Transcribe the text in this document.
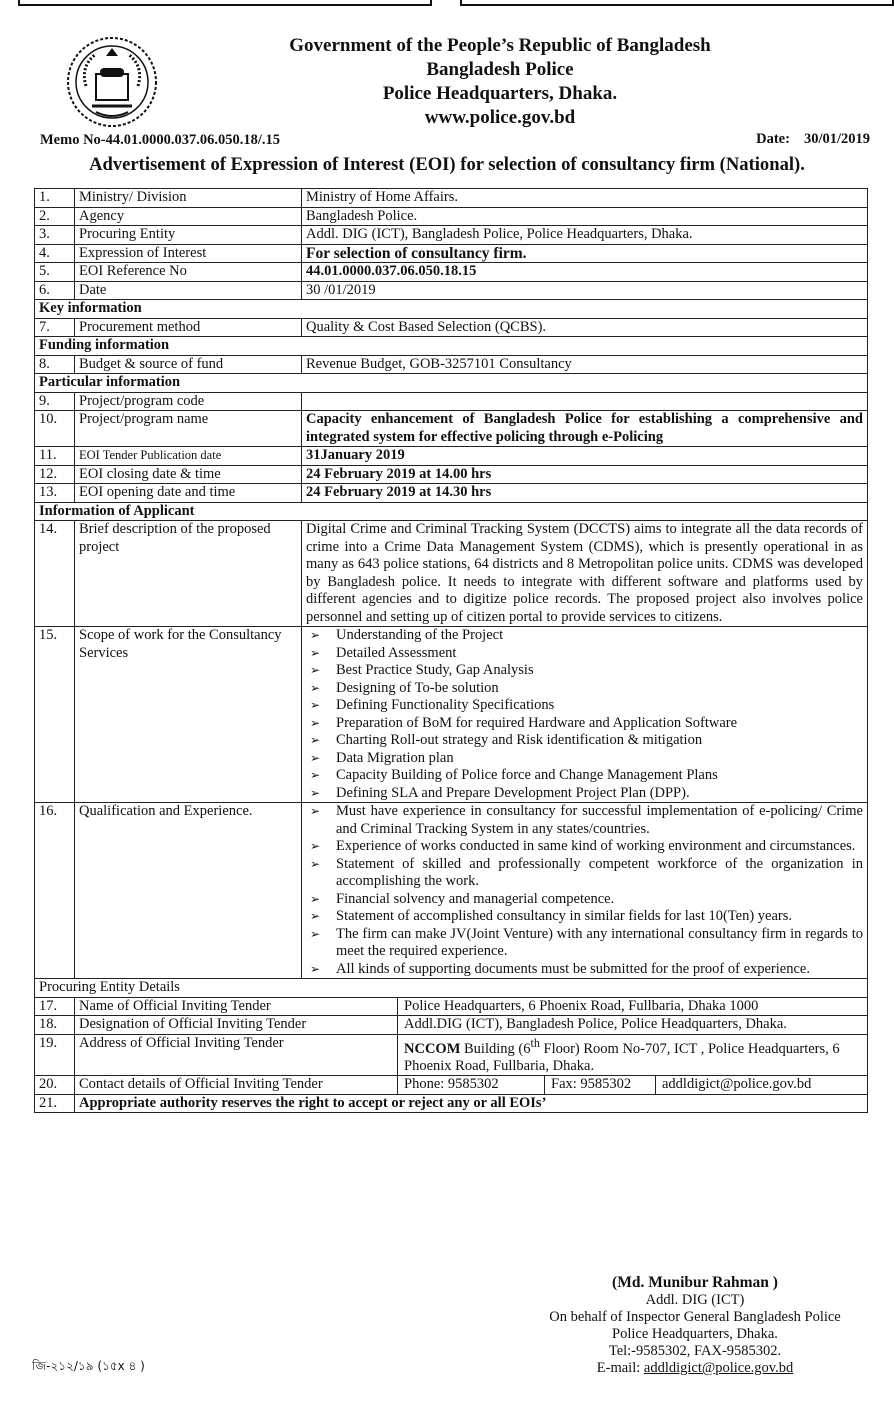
Government of the People’s Republic of Bangladesh
Bangladesh Police
Police Headquarters, Dhaka.
www.police.gov.bd
Memo No-44.01.0000.037.06.050.18/.15	Date: 30/01/2019
Advertisement of Expression of Interest (EOI) for selection of consultancy firm (National).
1.	Ministry/ Division	Ministry of Home Affairs.
2.	Agency	Bangladesh Police.
3.	Procuring Entity	Addl. DIG (ICT), Bangladesh Police, Police Headquarters, Dhaka.
4.	Expression of Interest	For selection of consultancy firm.
5.	EOI Reference No	44.01.0000.037.06.050.18.15
6.	Date	30 /01/2019
Key information
7.	Procurement method	Quality & Cost Based Selection (QCBS).
Funding information
8.	Budget & source of fund	Revenue Budget, GOB-3257101 Consultancy
Particular information
9.	Project/program code	
10.	Project/program name	Capacity enhancement of Bangladesh Police for establishing a comprehensive and integrated system for effective policing through e-Policing
11.	EOI Tender Publication date	31January 2019
12.	EOI closing date & time	24 February 2019 at 14.00 hrs
13.	EOI opening date and time	24 February 2019 at 14.30 hrs
Information of Applicant
14.	Brief description of the proposed project	Digital Crime and Criminal Tracking System (DCCTS) aims to integrate all the data records of crime into a Crime Data Management System (CDMS), which is presently operational in as many as 643 police stations, 64 districts and 8 Metropolitan police units. CDMS was developed by Bangladesh police. It needs to integrate with different software and platforms used by different agencies and to digitize police records. The proposed project also involves police personnel and setting up of citizen portal to provide services to citizens.
15.	Scope of work for the Consultancy Services	
➢ Understanding of the Project
➢ Detailed Assessment
➢ Best Practice Study, Gap Analysis
➢ Designing of To-be solution
➢ Defining Functionality Specifications
➢ Preparation of BoM for required Hardware and Application Software
➢ Charting Roll-out strategy and Risk identification & mitigation
➢ Data Migration plan
➢ Capacity Building of Police force and Change Management Plans
➢ Defining SLA and Prepare Development Project Plan (DPP).

16.	Qualification and Experience.	
➢Must have experience in consultancy for successful implementation of e-policing/ Crime and Criminal Tracking System in any states/countries.
➢ Experience of works conducted in same kind of working environment and circumstances.
➢ Statement of skilled and professionally competent workforce of the organization in accomplishing the work.
➢ Financial solvency and managerial competence.
➢ Statement of accomplished consultancy in similar fields for last 10(Ten) years.
➢ The firm can make JV(Joint Venture) with any international consultancy firm in regards to meet the required experience.
➢ All kinds of supporting documents must be submitted for the proof of experience.

Procuring Entity Details
17.	Name of Official Inviting Tender	Police Headquarters, 6 Phoenix Road, Fullbaria, Dhaka 1000

18.	Designation of Official Inviting Tender	Addl.DIG (ICT), Bangladesh Police, Police Headquarters, Dhaka.

19.	Address of Official Inviting Tender	NCCOM Building (6th Floor) Room No-707, ICT , Police Headquarters, 6 Phoenix Road, Fullbaria, Dhaka.

20.	Contact details of Official Inviting Tender	Phone: 9585302	Fax: 9585302	addldigict@police.gov.bd

21.	Appropriate authority reserves the right to accept or reject any or all EOIs’
(Md. Munibur Rahman )
Addl. DIG (ICT)
On behalf of Inspector General Bangladesh Police
Police Headquarters, Dhaka.
Tel:-9585302, FAX-9585302.
E-mail: addldigict@police.gov.bd
জি-২১২/১৯ (১৫x ৪ )
